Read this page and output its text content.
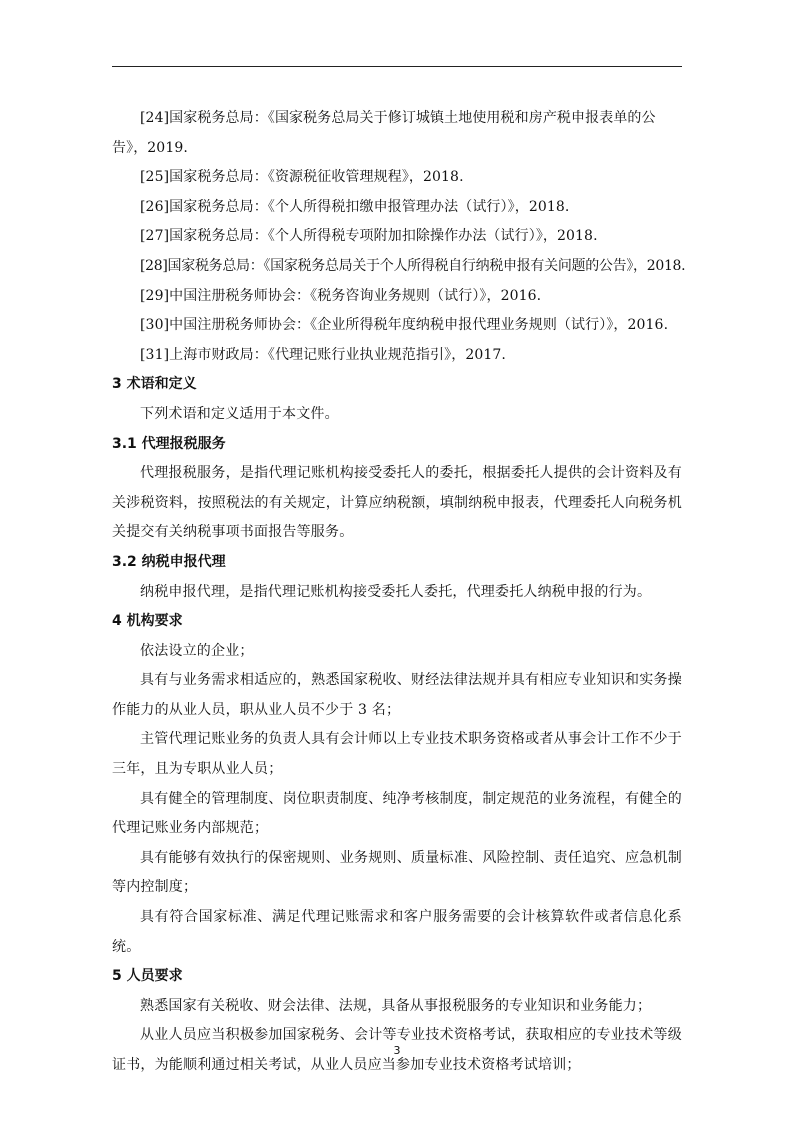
[24]国家税务总局：《国家税务总局关于修订城镇土地使用税和房产税申报表单的公告》，2019.

[25]国家税务总局：《资源税征收管理规程》，2018.

[26]国家税务总局：《个人所得税扣缴申报管理办法（试行）》，2018.

[27]国家税务总局：《个人所得税专项附加扣除操作办法（试行）》，2018.

[28]国家税务总局：《国家税务总局关于个人所得税自行纳税申报有关问题的公告》，2018.

[29]中国注册税务师协会：《税务咨询业务规则（试行）》，2016.

[30]中国注册税务师协会：《企业所得税年度纳税申报代理业务规则（试行）》，2016.

[31]上海市财政局：《代理记账行业执业规范指引》，2017.

3 术语和定义

下列术语和定义适用于本文件。

3.1 代理报税服务

代理报税服务，是指代理记账机构接受委托人的委托，根据委托人提供的会计资料及有关涉税资料，按照税法的有关规定，计算应纳税额，填制纳税申报表，代理委托人向税务机关提交有关纳税事项书面报告等服务。

3.2 纳税申报代理

纳税申报代理，是指代理记账机构接受委托人委托，代理委托人纳税申报的行为。

4 机构要求

依法设立的企业；

具有与业务需求相适应的，熟悉国家税收、财经法律法规并具有相应专业知识和实务操作能力的从业人员，职从业人员不少于 3 名；

主管代理记账业务的负责人具有会计师以上专业技术职务资格或者从事会计工作不少于三年，且为专职从业人员；

具有健全的管理制度、岗位职责制度、纯净考核制度，制定规范的业务流程，有健全的代理记账业务内部规范；

具有能够有效执行的保密规则、业务规则、质量标准、风险控制、责任追究、应急机制等内控制度；

具有符合国家标准、满足代理记账需求和客户服务需要的会计核算软件或者信息化系统。

5 人员要求

熟悉国家有关税收、财会法律、法规，具备从事报税服务的专业知识和业务能力；

从业人员应当积极参加国家税务、会计等专业技术资格考试，获取相应的专业技术等级证书，为能顺利通过相关考试，从业人员应当参加专业技术资格考试培训；

3
